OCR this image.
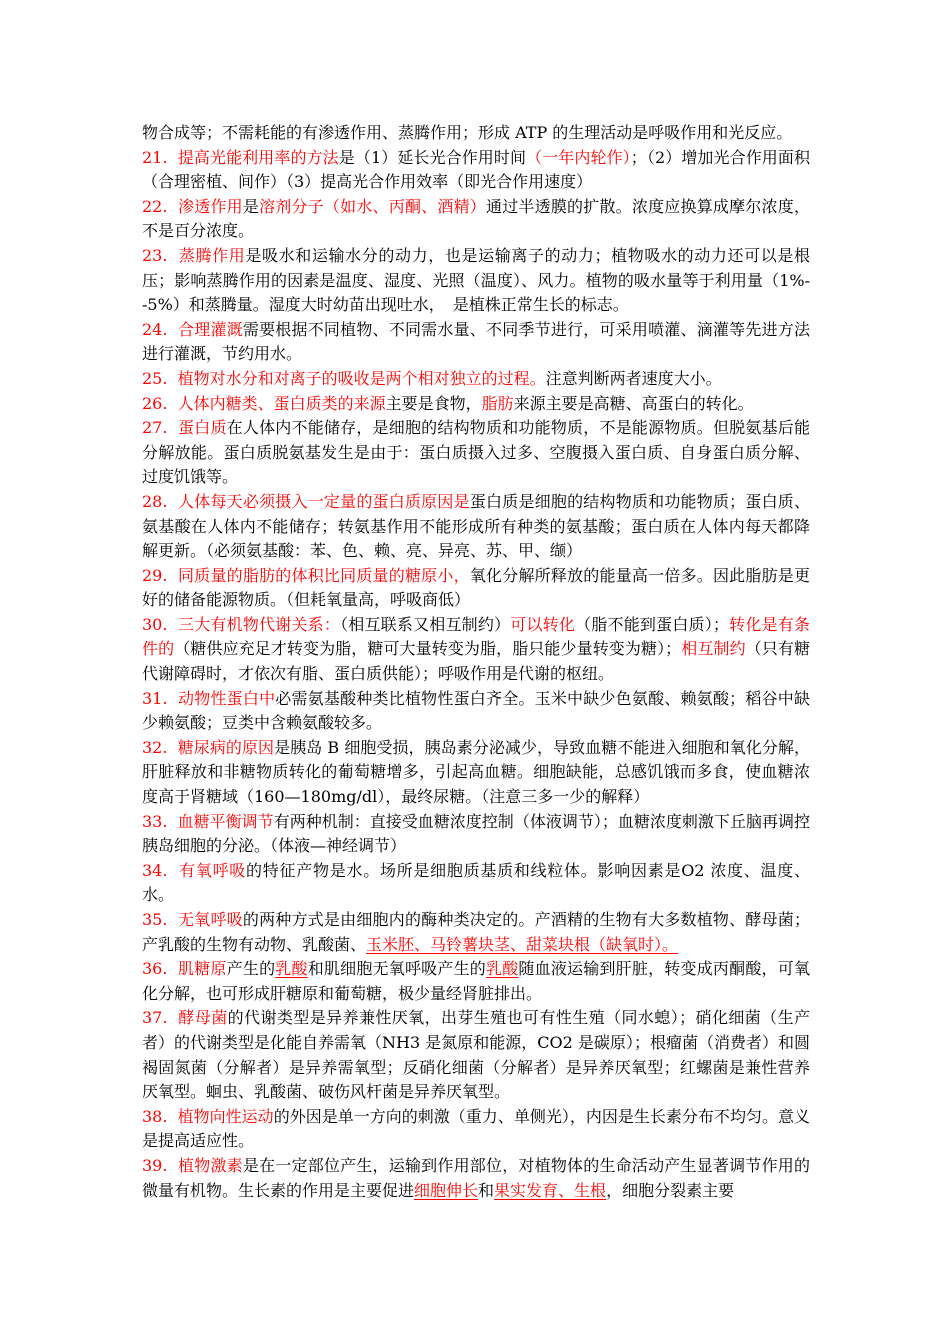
物合成等；不需耗能的有渗透作用、蒸腾作用；形成 ATP 的生理活动是呼吸作用和光反应。

21.  提高光能利用率的方法是（1）延长光合作用时间（一年内轮作）；（2）增加光合作用面积（合理密植、间作）（3）提高光合作用效率（即光合作用速度）

22.  渗透作用是溶剂分子（如水、丙酮、酒精）通过半透膜的扩散。浓度应换算成摩尔浓度，不是百分浓度。

23.  蒸腾作用是吸水和运输水分的动力，也是运输离子的动力；植物吸水的动力还可以是根压；影响蒸腾作用的因素是温度、湿度、光照（温度）、风力。植物的吸水量等于利用量（1%--5%）和蒸腾量。湿度大时幼苗出现吐水，　是植株正常生长的标志。

24.  合理灌溉需要根据不同植物、不同需水量、不同季节进行，可采用喷灌、滴灌等先进方法进行灌溉，节约用水。

25.  植物对水分和对离子的吸收是两个相对独立的过程。注意判断两者速度大小。

26.  人体内糖类、蛋白质类的来源主要是食物，脂肪来源主要是高糖、高蛋白的转化。

27.  蛋白质在人体内不能储存，是细胞的结构物质和功能物质，不是能源物质。但脱氨基后能分解放能。蛋白质脱氨基发生是由于：蛋白质摄入过多、空腹摄入蛋白质、自身蛋白质分解、过度饥饿等。

28.  人体每天必须摄入一定量的蛋白质原因是蛋白质是细胞的结构物质和功能物质；蛋白质、氨基酸在人体内不能储存；转氨基作用不能形成所有种类的氨基酸；蛋白质在人体内每天都降解更新。（必须氨基酸：苯、色、赖、亮、异亮、苏、甲、缬）

29.  同质量的脂肪的体积比同质量的糖原小，氧化分解所释放的能量高一倍多。因此脂肪是更好的储备能源物质。（但耗氧量高，呼吸商低）

30.  三大有机物代谢关系：（相互联系又相互制约）可以转化（脂不能到蛋白质）；转化是有条件的（糖供应充足才转变为脂，糖可大量转变为脂，脂只能少量转变为糖）；相互制约（只有糖代谢障碍时，才依次有脂、蛋白质供能）；呼吸作用是代谢的枢纽。

31.  动物性蛋白中必需氨基酸种类比植物性蛋白齐全。玉米中缺少色氨酸、赖氨酸；稻谷中缺少赖氨酸；豆类中含赖氨酸较多。

32.  糖尿病的原因是胰岛 B 细胞受损，胰岛素分泌减少，导致血糖不能进入细胞和氧化分解，肝脏释放和非糖物质转化的葡萄糖增多，引起高血糖。细胞缺能，总感饥饿而多食，使血糖浓度高于肾糖域（160—180mg/dl），最终尿糖。（注意三多一少的解释）

33.  血糖平衡调节有两种机制：直接受血糖浓度控制（体液调节）；血糖浓度刺激下丘脑再调控胰岛细胞的分泌。（体液—神经调节）

34.  有氧呼吸的特征产物是水。场所是细胞质基质和线粒体。影响因素是O2 浓度、温度、水。

35.  无氧呼吸的两种方式是由细胞内的酶种类决定的。产酒精的生物有大多数植物、酵母菌；产乳酸的生物有动物、乳酸菌、玉米胚、马铃薯块茎、甜菜块根（缺氧时）。

36.  肌糖原产生的乳酸和肌细胞无氧呼吸产生的乳酸随血液运输到肝脏，转变成丙酮酸，可氧化分解，也可形成肝糖原和葡萄糖，极少量经肾脏排出。

37.  酵母菌的代谢类型是异养兼性厌氧，出芽生殖也可有性生殖（同水螅）；硝化细菌（生产者）的代谢类型是化能自养需氧（NH3 是氮原和能源，CO2 是碳原）；根瘤菌（消费者）和圆褐固氮菌（分解者）是异养需氧型；反硝化细菌（分解者）是异养厌氧型；红螺菌是兼性营养厌氧型。蛔虫、乳酸菌、破伤风杆菌是异养厌氧型。

38.  植物向性运动的外因是单一方向的刺激（重力、单侧光），内因是生长素分布不均匀。意义是提高适应性。

39.  植物激素是在一定部位产生，运输到作用部位，对植物体的生命活动产生显著调节作用的微量有机物。生长素的作用是主要促进细胞伸长和果实发育、生根，细胞分裂素主要
